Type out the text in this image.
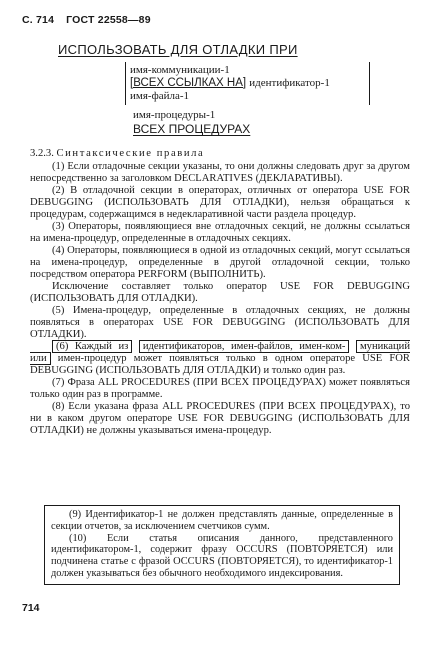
С. 714 ГОСТ 22558—89
ИСПОЛЬЗОВАТЬ ДЛЯ ОТЛАДКИ ПРИ
имя-коммуникации-1
[ВСЕХ ССЫЛКАХ НА] идентификатор-1
имя-файла-1
имя-процедуры-1
ВСЕХ ПРОЦЕДУРАХ

3.2.3. Синтаксические правила

(1) Если отладочные секции указаны, то они должны следовать друг за другом непосредственно за заголовком DECLARATIVES (ДЕКЛАРАТИВЫ).

(2) В отладочной секции в операторах, отличных от оператора USE FOR DEBUGGING (ИСПОЛЬЗОВАТЬ ДЛЯ ОТЛАДКИ), нельзя обращаться к процедурам, содержащимся в недекларативной части раздела процедур.

(3) Операторы, появляющиеся вне отладочных секций, не должны ссылаться на имена-процедур, определенные в отладочных секциях.

(4) Операторы, появляющиеся в одной из отладочных секций, могут ссылаться на имена-процедур, определенные в другой отладочной секции, только посредством оператора PERFORM (ВЫПОЛНИТЬ).

Исключение составляет только оператор USE FOR DEBUGGING (ИСПОЛЬЗОВАТЬ ДЛЯ ОТЛАДКИ).

(5) Имена-процедур, определенные в отладочных секциях, не должны появляться в операторах USE FOR DEBUGGING (ИСПОЛЬЗОВАТЬ ДЛЯ ОТЛАДКИ).

(6) Каждый из идентификаторов, имен-файлов, имен-ком- муникаций или имен-процедур может появляться только в одном операторе USE FOR DEBUGGING (ИСПОЛЬЗОВАТЬ ДЛЯ ОТЛАДКИ) и только один раз.

(7) Фраза ALL PROCEDURES (ПРИ ВСЕХ ПРОЦЕДУРАХ) может появляться только один раз в программе.

(8) Если указана фраза ALL PROCEDURES (ПРИ ВСЕХ ПРОЦЕДУРАХ), то ни в каком другом операторе USE FOR DEBUGGING (ИСПОЛЬЗОВАТЬ ДЛЯ ОТЛАДКИ) не должны указываться имена-процедур.

(9) Идентификатор-1 не должен представлять данные, определенные в секции отчетов, за исключением счетчиков сумм.

(10) Если статья описания данного, представленного идентификатором-1, содержит фразу OCCURS (ПОВТОРЯЕТСЯ) или подчинена статье с фразой OCCURS (ПОВТОРЯЕТСЯ), то идентификатор-1 должен указываться без обычного необходимого индексирования.

714
